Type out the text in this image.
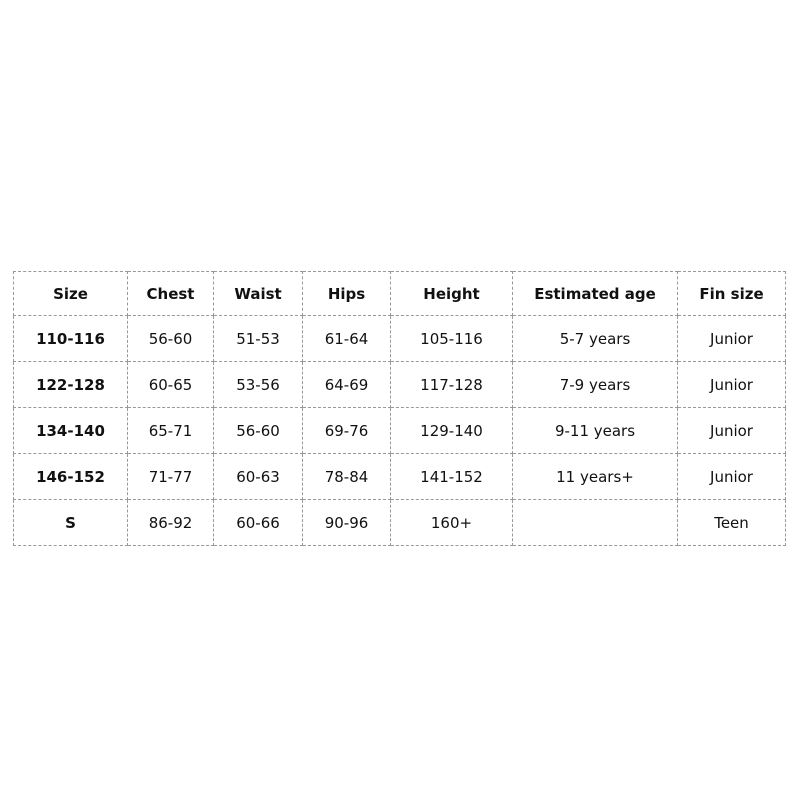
Size	Chest	Waist	Hips	Height	Estimated age	Fin size
110-116	56-60	51-53	61-64	105-116	5-7 years	Junior
122-128	60-65	53-56	64-69	117-128	7-9 years	Junior
134-140	65-71	56-60	69-76	129-140	9-11 years	Junior
146-152	71-77	60-63	78-84	141-152	11 years+	Junior
S	86-92	60-66	90-96	160+		Teen
